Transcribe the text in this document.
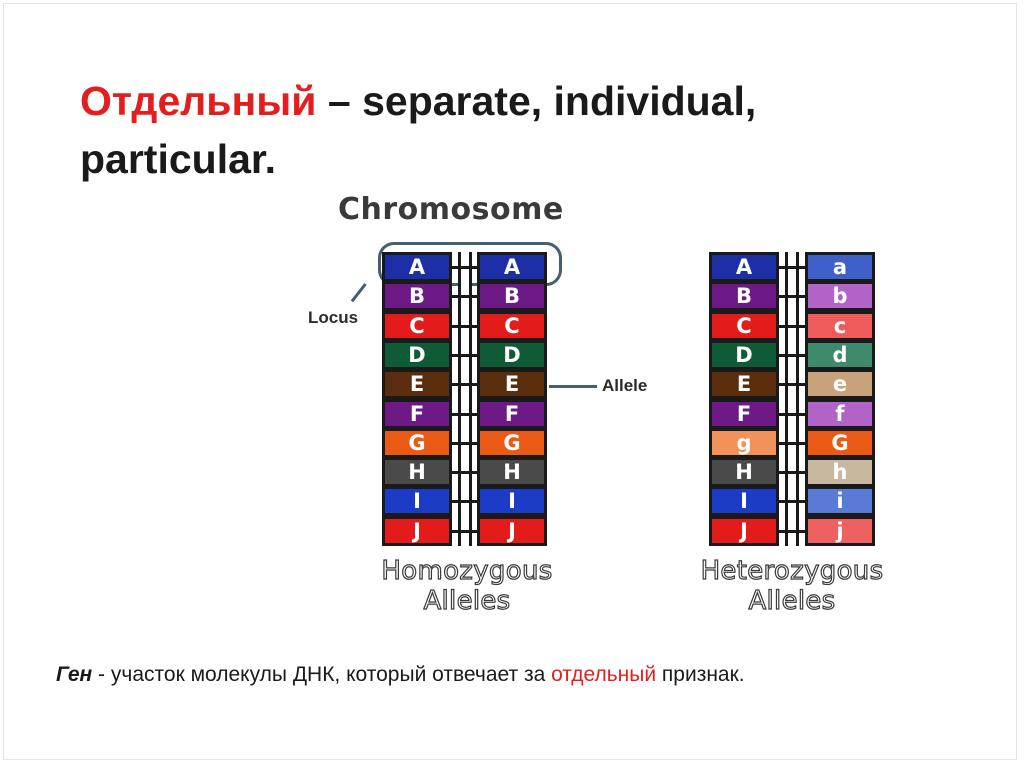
Отдельный – separate, individual, particular.
Chromosome
Locus
Allele
A
B
C
D
E
F
G
H
I
J
A
B
C
D
E
F
G
H
I
J
A
B
C
D
E
F
g
H
I
J
a
b
c
d
e
f
G
h
i
j
Homozygous
Alleles
Heterozygous
Alleles
Ген - участок молекулы ДНК, который отвечает за отдельный признак.
